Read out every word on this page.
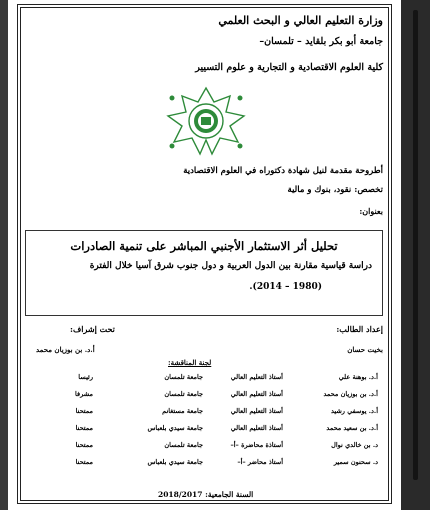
وزارة التعليم العالي و البحث العلمي
جامعة أبو بكر بلقايد – تلمسان–
كلية العلوم الاقتصادية و التجارية و علوم التسيير
أطروحة مقدمة لنيل شهادة دكتوراه في العلوم الاقتصادية
تخصص: نقود، بنوك و مالية
بعنوان:
تحليل أثر الاستثمار الأجنبي المباشر على تنمية الصادرات
دراسة قياسية مقارنة بين الدول العربية و دول جنوب شرق آسيا خلال الفترة
(1980 – 2014).
إعداد الطالب:
بخيت حسان
تحت إشراف:
أ.د. بن بوزيان محمد
لجنة المناقشة:
أ.د. بوهنة علي
أستاذ التعليم العالي
جامعة تلمسان
رئيسا
أ.د. بن بوزيان محمد
أستاذ التعليم العالي
جامعة تلمسان
مشرفا
أ.د. يوسفي رشيد
أستاذ التعليم العالي
جامعة مستغانم
ممتحنا
أ.د. بن سعيد محمد
أستاذ التعليم العالي
جامعة سيدي بلعباس
ممتحنا
د. بن خالدي نوال
أستاذة محاضرة –أ–
جامعة تلمسان
ممتحنا
د. سحنون سمير
أستاذ محاضر –أ–
جامعة سيدي بلعباس
ممتحنا
السنة الجامعية: 2018/2017
